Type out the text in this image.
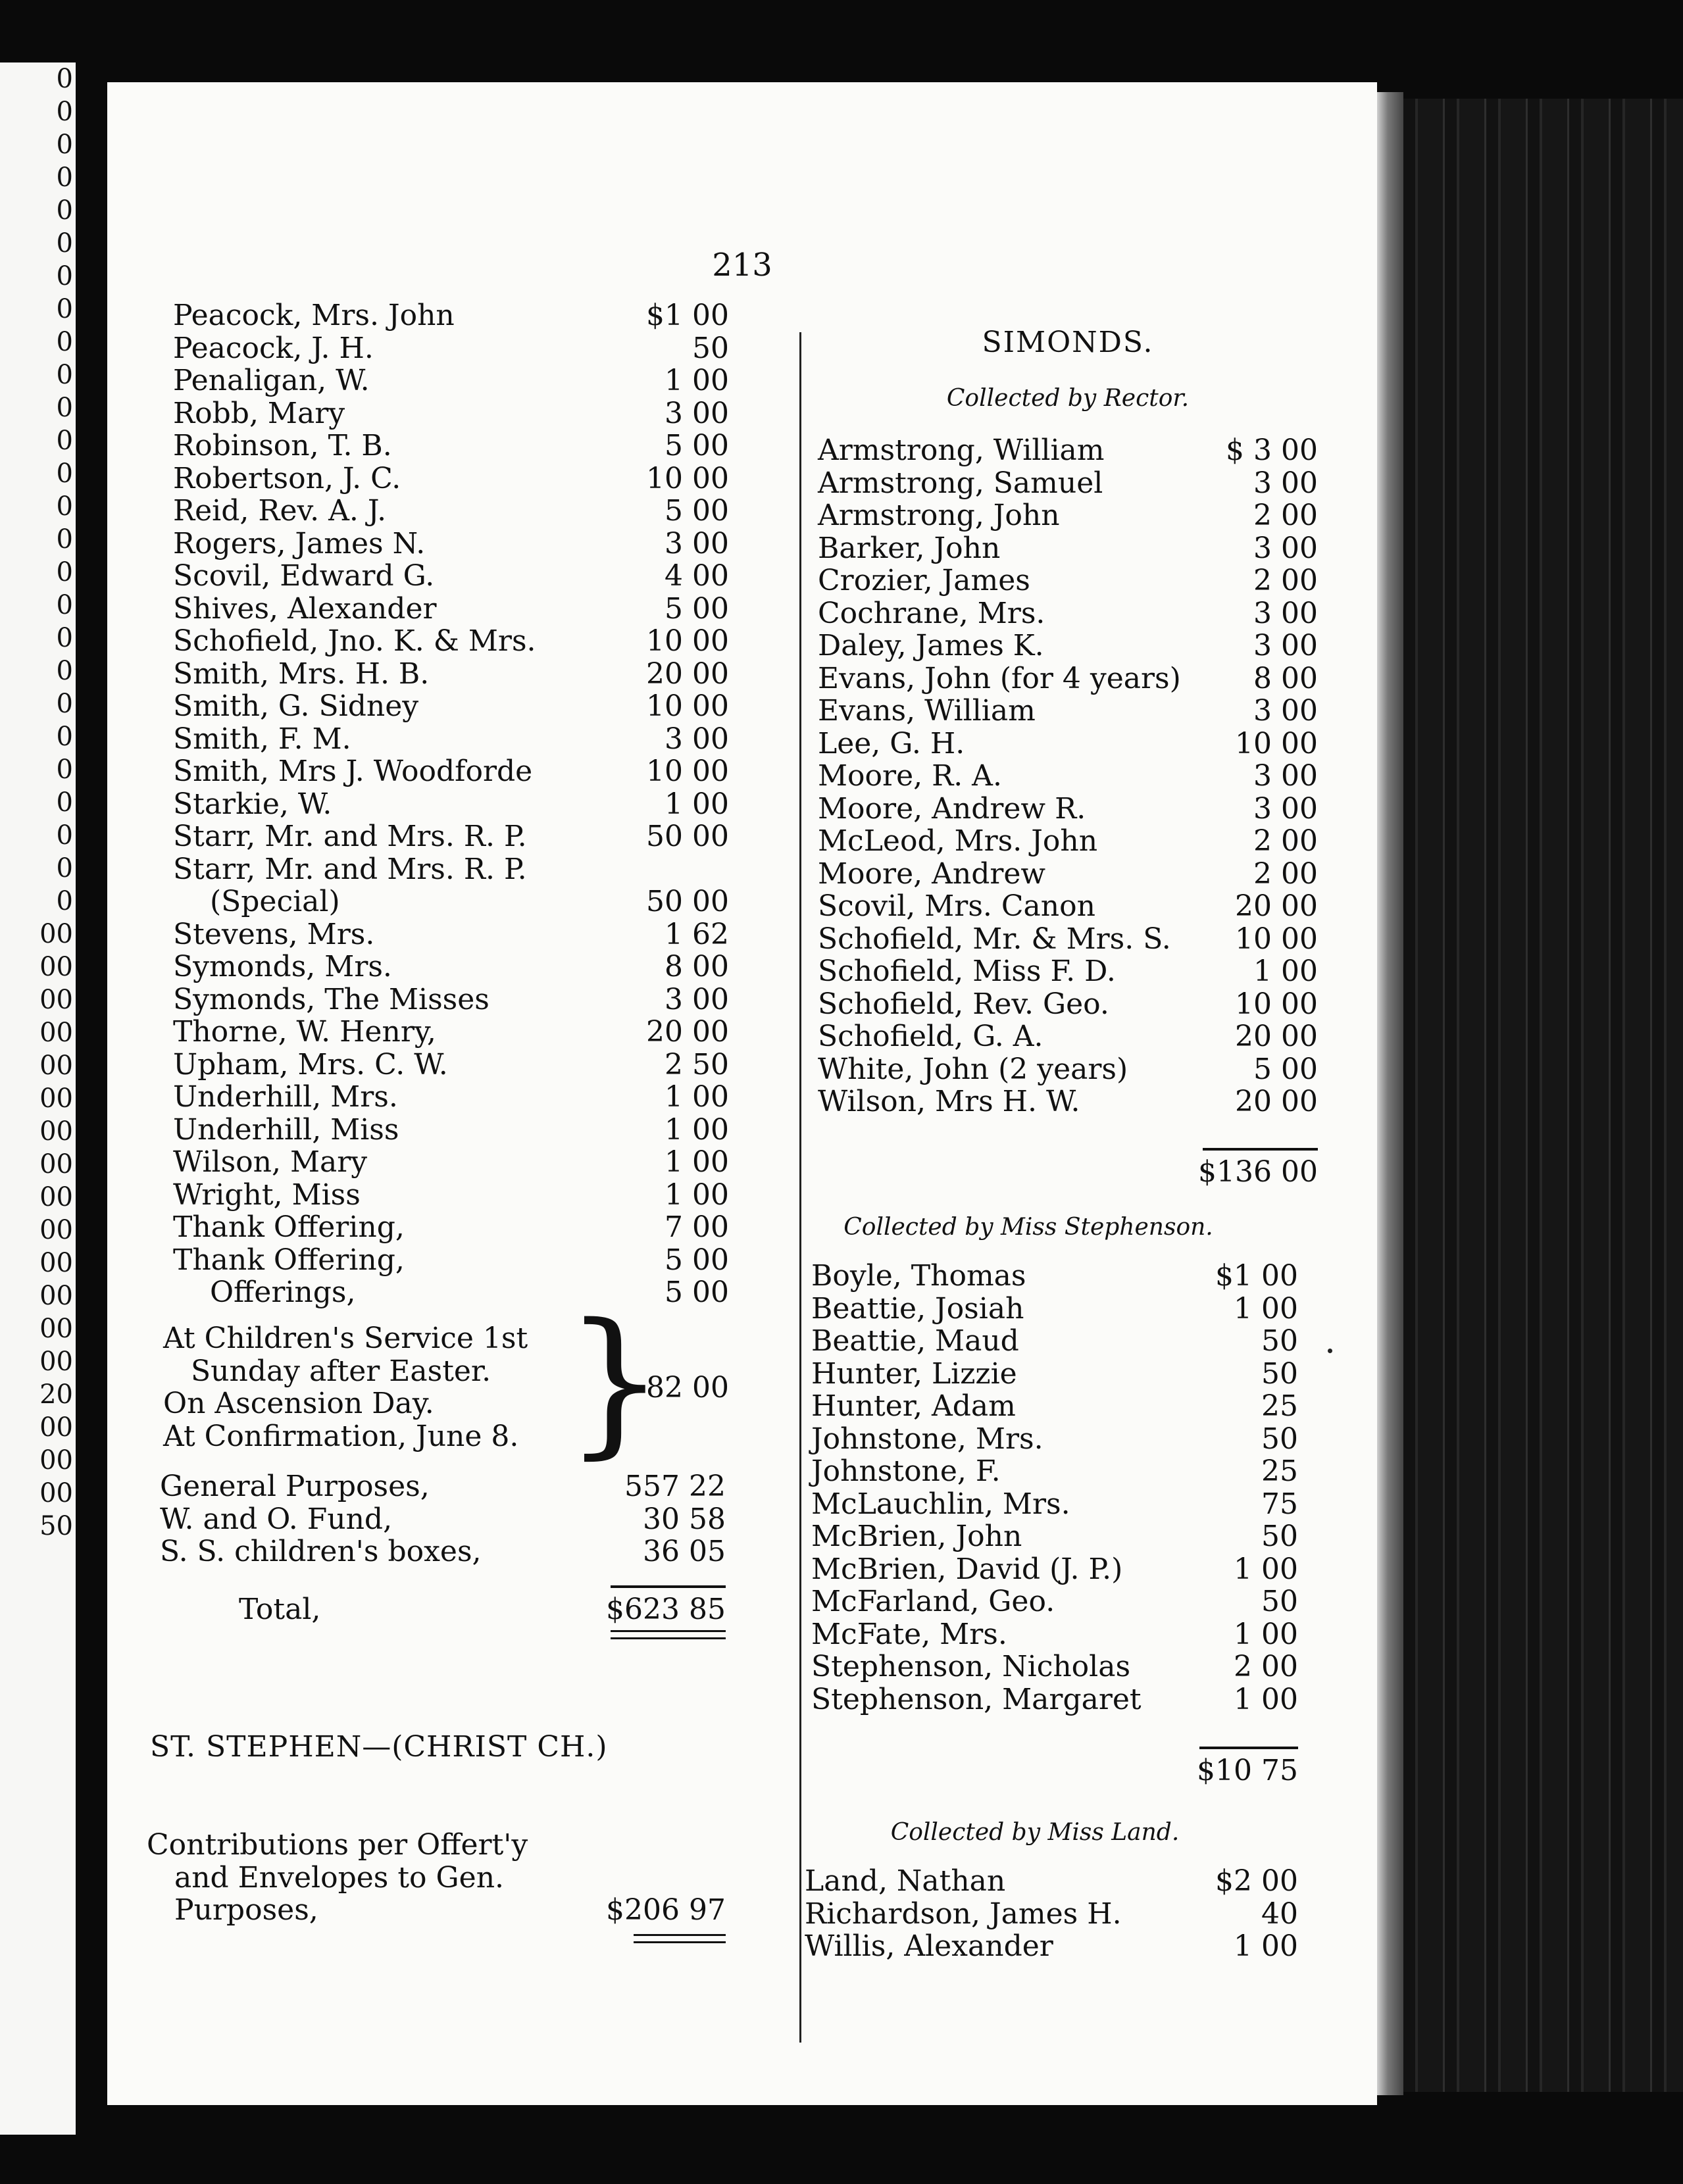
0
0
0
0
0
0
0
0
0
0
0
0
0
0
0
0
0
0
0
0
0
0
0
0
0
0
00
00
00
00
00
00
00
00
00
00
00
00
00
00
20
00
00
00
50
213
Peacock, Mrs. John	$1 00
Peacock, J. H.	50
Penaligan, W.	1 00
Robb, Mary	3 00
Robinson, T. B.	5 00
Robertson, J. C.	10 00
Reid, Rev. A. J.	5 00
Rogers, James N.	3 00
Scovil, Edward G.	4 00
Shives, Alexander	5 00
Schofield, Jno. K. & Mrs.	10 00
Smith, Mrs. H. B.	20 00
Smith, G. Sidney	10 00
Smith, F. M.	3 00
Smith, Mrs J. Woodforde	10 00
Starkie, W.	1 00
Starr, Mr. and Mrs. R. P.	50 00
Starr, Mr. and Mrs. R. P.
(Special)	50 00
Stevens, Mrs.	1 62
Symonds, Mrs.	8 00
Symonds, The Misses	3 00
Thorne, W. Henry,	20 00
Upham, Mrs. C. W.	2 50
Underhill, Mrs.	1 00
Underhill, Miss	1 00
Wilson, Mary	1 00
Wright, Miss	1 00
Thank Offering,	7 00
Thank Offering,	5 00
Offerings,	5 00
At Children's Service 1st
Sunday after Easter.
On Ascension Day.
At Confirmation, June 8. }
82 00
General Purposes,	557 22
W. and O. Fund,	30 58
S. S. children's boxes,	36 05
Total,	$623 85
ST. STEPHEN—(CHRIST CH.)
Contributions per Offert'y
and Envelopes to Gen.
Purposes,	$206 97
SIMONDS.
Collected by Rector.
Armstrong, William	$ 3 00
Armstrong, Samuel	3 00
Armstrong, John	2 00
Barker, John	3 00
Crozier, James	2 00
Cochrane, Mrs.	3 00
Daley, James K.	3 00
Evans, John (for 4 years)	8 00
Evans, William	3 00
Lee, G. H.	10 00
Moore, R. A.	3 00
Moore, Andrew R.	3 00
McLeod, Mrs. John	2 00
Moore, Andrew	2 00
Scovil, Mrs. Canon	20 00
Schofield, Mr. & Mrs. S. 10 00
Schofield, Miss F. D.	1 00
Schofield, Rev. Geo.	10 00
Schofield, G. A.	20 00
White, John (2 years)	5 00
Wilson, Mrs H. W.	20 00
$136 00
Collected by Miss Stephenson.
Boyle, Thomas	$1 00
Beattie, Josiah	1 00
Beattie, Maud	50
Hunter, Lizzie	50
Hunter, Adam	25
Johnstone, Mrs.	50
Johnstone, F.	25
McLauchlin, Mrs.	75
McBrien, John	50
McBrien, David (J. P.)	1 00
McFarland, Geo.	50
McFate, Mrs.	1 00
Stephenson, Nicholas	2 00
Stephenson, Margaret	1 00
$10 75
Collected by Miss Land.
Land, Nathan	$2 00
Richardson, James H.	40
Willis, Alexander	1 00
